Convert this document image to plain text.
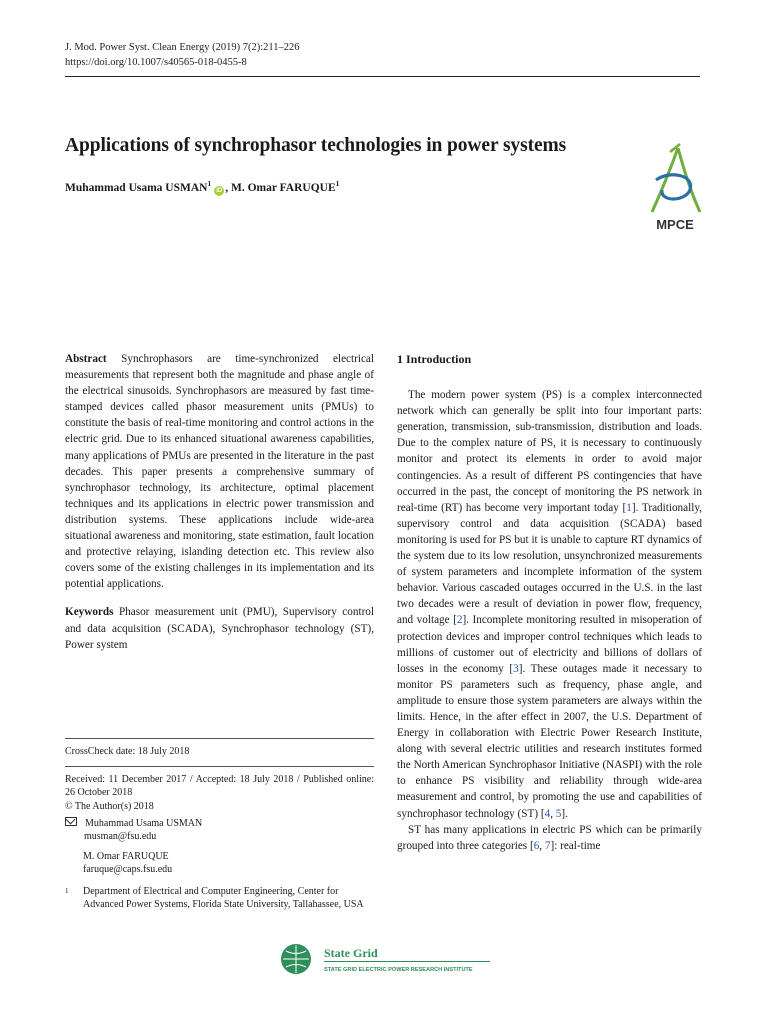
J. Mod. Power Syst. Clean Energy (2019) 7(2):211–226
https://doi.org/10.1007/s40565-018-0455-8
Applications of synchrophasor technologies in power systems
Muhammad Usama USMAN$^1$iD , M. Omar FARUQUE$^1$
MPCE
Abstract Synchrophasors are time-synchronized electrical measurements that represent both the magnitude and phase angle of the electrical sinusoids. Synchrophasors are measured by fast time-stamped devices called phasor measurement units (PMUs) to constitute the basis of real-time monitoring and control actions in the electric grid. Due to its enhanced situational awareness capabilities, many applications of PMUs are presented in the literature in the past decades. This paper presents a comprehensive summary of synchrophasor technology, its architecture, optimal placement techniques and its applications in electric power transmission and distribution systems. These applications include wide-area situational awareness and monitoring, state estimation, fault location and protective relaying, islanding detection etc. This review also covers some of the existing challenges in its implementation and its potential applications.
Keywords Phasor measurement unit (PMU), Supervisory control and data acquisition (SCADA), Synchrophasor technology (ST), Power system
CrossCheck date: 18 July 2018
Received: 11 December 2017 / Accepted: 18 July 2018 / Published online: 26 October 2018
© The Author(s) 2018
Muhammad Usama USMAN
musman@fsu.edu
M. Omar FARUQUE
faruque@caps.fsu.edu
1 Department of Electrical and Computer Engineering, Center for Advanced Power Systems, Florida State University, Tallahassee, USA
1 Introduction

The modern power system (PS) is a complex interconnected network which can generally be split into four important parts: generation, transmission, sub-transmission, distribution and loads. Due to the complex nature of PS, it is necessary to continuously monitor and protect its elements in order to avoid major contingencies. As a result of different PS contingencies that have occurred in the past, the concept of monitoring the PS network in real-time (RT) has become very important today [1]. Traditionally, supervisory control and data acquisition (SCADA) based monitoring is used for PS but it is unable to capture RT dynamics of the system due to its low resolution, unsynchronized measurements of system parameters and incomplete information of the system behavior. Various cascaded outages occurred in the U.S. in the last two decades were a result of deviation in power flow, frequency, and voltage [2]. Incomplete monitoring resulted in misoperation of protection devices and improper control techniques which leads to millions of customer out of electricity and billions of dollars of losses in the economy [3]. These outages made it necessary to monitor PS parameters such as frequency, phase angle, and amplitude to ensure those system parameters are always within the limits. Hence, in the after effect in 2007, the U.S. Department of Energy in collaboration with Electric Power Research Institute, along with several electric utilities and research institutes formed the North American Synchrophasor Initiative (NASPI) with the role to enhance PS visibility and reliability through wide-area measurement and control, by promoting the use and capabilities of synchrophasor technology (ST) [4, 5].

ST has many applications in electric PS which can be primarily grouped into three categories [6, 7]: real-time

State Grid
STATE GRID ELECTRIC POWER RESEARCH INSTITUTE
